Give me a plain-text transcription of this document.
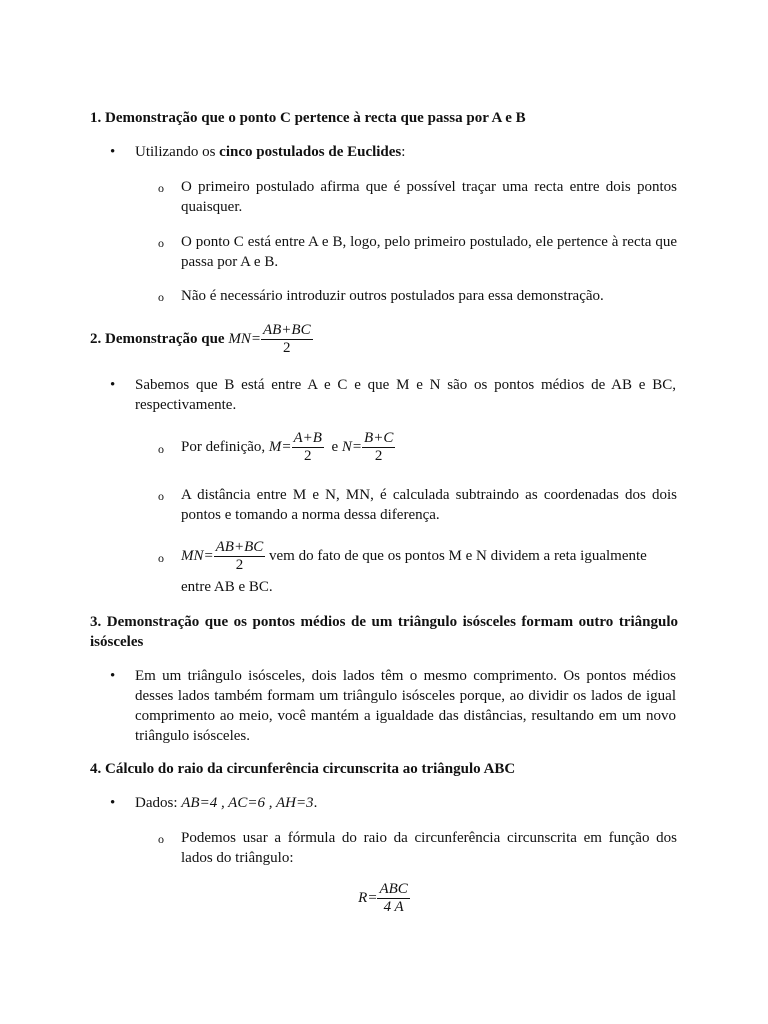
1. Demonstração que o ponto C pertence à recta que passa por A e B
• Utilizando os cinco postulados de Euclides:
o O primeiro postulado afirma que é possível traçar uma recta entre dois pontos quaisquer.
o O ponto C está entre A e B, logo, pelo primeiro postulado, ele pertence à recta que passa por A e B.
o Não é necessário introduzir outros postulados para essa demonstração.
2. Demonstração que $MN= \frac{AB+BC}{2}$
• Sabemos que B está entre A e C e que M e N são os pontos médios de AB e BC, respectivamente.
o Por definição, $M= \frac{A+B}{2}$ e $N= \frac{B+C}{2}$
o A distância entre M e N, MN, é calculada subtraindo as coordenadas dos dois pontos e tomando a norma dessa diferença.
o $MN= \frac{AB+BC}{2}$ vem do fato de que os pontos M e N dividem a reta igualmente
entre AB e BC.
3. Demonstração que os pontos médios de um triângulo isósceles formam outro triângulo isósceles
• Em um triângulo isósceles, dois lados têm o mesmo comprimento. Os pontos médios desses lados também formam um triângulo isósceles porque, ao dividir os lados de igual comprimento ao meio, você mantém a igualdade das distâncias, resultando em um novo triângulo isósceles.
4. Cálculo do raio da circunferência circunscrita ao triângulo ABC
• Dados: AB=4 , AC=6 , AH=3.
o Podemos usar a fórmula do raio da circunferência circunscrita em função dos lados do triângulo:
$R= \frac{\text{ABC}}{4 A}$
